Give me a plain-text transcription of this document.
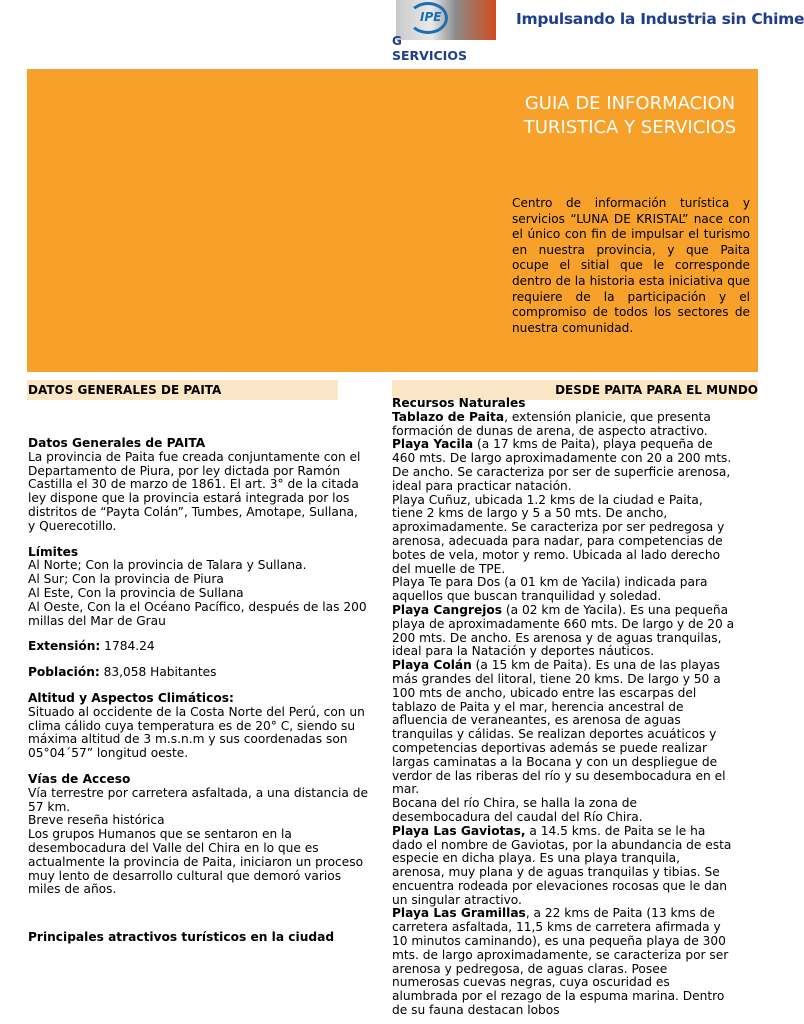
IPE	Impulsando la Industria sin Chime
G
SERVICIOS
GUIA DE INFORMACION TURISTICA Y SERVICIOS
Centro de información turística y servicios “LUNA DE KRISTAL” nace con el único con fin de impulsar el turismo en nuestra provincia, y que Paita ocupe el sitial que le corresponde dentro de la historia esta iniciativa que requiere de la participación y el compromiso de todos los sectores de nuestra comunidad.
DATOS GENERALES DE PAITA	DESDE PAITA PARA EL MUNDO
Datos Generales de PAITA
La provincia de Paita fue creada conjuntamente con el Departamento de Piura, por ley dictada por Ramón Castilla el 30 de marzo de 1861. El art. 3° de la citada ley dispone que la provincia estará integrada por los distritos de “Payta Colán”, Tumbes, Amotape, Sullana, y Querecotillo.
Límites
Al Norte; Con la provincia de Talara y Sullana.
Al Sur; Con la provincia de Piura
Al Este, Con la provincia de Sullana
Al Oeste, Con la el Océano Pacífico, después de las 200 millas del Mar de Grau
Extensión: 1784.24
Población: 83,058 Habitantes
Altitud y Aspectos Climáticos:
Situado al occidente de la Costa Norte del Perú, con un clima cálido cuya temperatura es de 20° C, siendo su máxima altitud de 3 m.s.n.m y sus coordenadas son 05°04´57” longitud oeste.
Vías de Acceso
Vía terrestre por carretera asfaltada, a una distancia de 57 km.
Breve reseña histórica
Los grupos Humanos que se sentaron en la desembocadura del Valle del Chira en lo que es actualmente la provincia de Paita, iniciaron un proceso muy lento de desarrollo cultural que demoró varios miles de años.
Principales atractivos turísticos en la ciudad
Recursos Naturales
Tablazo de Paita, extensión planicie, que presenta formación de dunas de arena, de aspecto atractivo.
Playa Yacila (a 17 kms de Paita), playa pequeña de 460 mts. De largo aproximadamente con 20 a 200 mts. De ancho. Se caracteriza por ser de superficie arenosa, ideal para practicar natación.
Playa Cuñuz, ubicada 1.2 kms de la ciudad e Paita, tiene 2 kms de largo y 5 a 50 mts. De ancho, aproximadamente. Se caracteriza por ser pedregosa y arenosa, adecuada para nadar, para competencias de botes de vela, motor y remo. Ubicada al lado derecho del muelle de TPE.
Playa Te para Dos (a 01 km de Yacila) indicada para aquellos que buscan tranquilidad y soledad.
Playa Cangrejos (a 02 km de Yacila). Es una pequeña playa de aproximadamente 660 mts. De largo y de 20 a 200 mts. De ancho. Es arenosa y de aguas tranquilas, ideal para la Natación y deportes náuticos.
Playa Colán (a 15 km de Paita). Es una de las playas más grandes del litoral, tiene 20 kms. De largo y 50 a 100 mts de ancho, ubicado entre las escarpas del tablazo de Paita y el mar, herencia ancestral de afluencia de veraneantes, es arenosa de aguas tranquilas y cálidas. Se realizan deportes acuáticos y competencias deportivas además se puede realizar largas caminatas a la Bocana y con un despliegue de verdor de las riberas del río y su desembocadura en el mar.
Bocana del río Chira, se halla la zona de desembocadura del caudal del Río Chira.
Playa Las Gaviotas, a 14.5 kms. de Paita se le ha dado el nombre de Gaviotas, por la abundancia de esta especie en dicha playa. Es una playa tranquila, arenosa, muy plana y de aguas tranquilas y tibias. Se encuentra rodeada por elevaciones rocosas que le dan un singular atractivo.
Playa Las Gramillas, a 22 kms de Paita (13 kms de carretera asfaltada, 11,5 kms de carretera afirmada y 10 minutos caminando), es una pequeña playa de 300 mts. de largo aproximadamente, se caracteriza por ser arenosa y pedregosa, de aguas claras. Posee numerosas cuevas negras, cuya oscuridad es alumbrada por el rezago de la espuma marina. Dentro de su fauna destacan lobos
